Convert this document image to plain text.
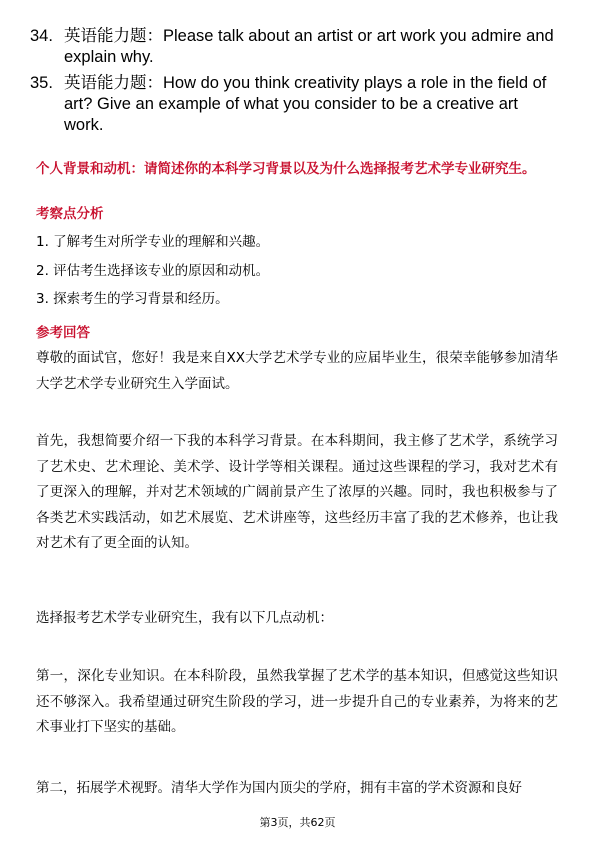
34. 英语能力题：Please talk about an artist or art work you admire and explain why.
35. 英语能力题：How do you think creativity plays a role in the field of art? Give an example of what you consider to be a creative art work.
个人背景和动机：请简述你的本科学习背景以及为什么选择报考艺术学专业研究生。
考察点分析
1. 了解考生对所学专业的理解和兴趣。
2. 评估考生选择该专业的原因和动机。
3. 探索考生的学习背景和经历。
参考回答

尊敬的面试官，您好！我是来自XX大学艺术学专业的应届毕业生，很荣幸能够参加清华大学艺术学专业研究生入学面试。

首先，我想简要介绍一下我的本科学习背景。在本科期间，我主修了艺术学，系统学习了艺术史、艺术理论、美术学、设计学等相关课程。通过这些课程的学习，我对艺术有了更深入的理解，并对艺术领域的广阔前景产生了浓厚的兴趣。同时，我也积极参与了各类艺术实践活动，如艺术展览、艺术讲座等，这些经历丰富了我的艺术修养，也让我对艺术有了更全面的认知。

选择报考艺术学专业研究生，我有以下几点动机：

第一，深化专业知识。在本科阶段，虽然我掌握了艺术学的基本知识，但感觉这些知识还不够深入。我希望通过研究生阶段的学习，进一步提升自己的专业素养，为将来的艺术事业打下坚实的基础。

第二，拓展学术视野。清华大学作为国内顶尖的学府，拥有丰富的学术资源和良好

第3页，共62页
